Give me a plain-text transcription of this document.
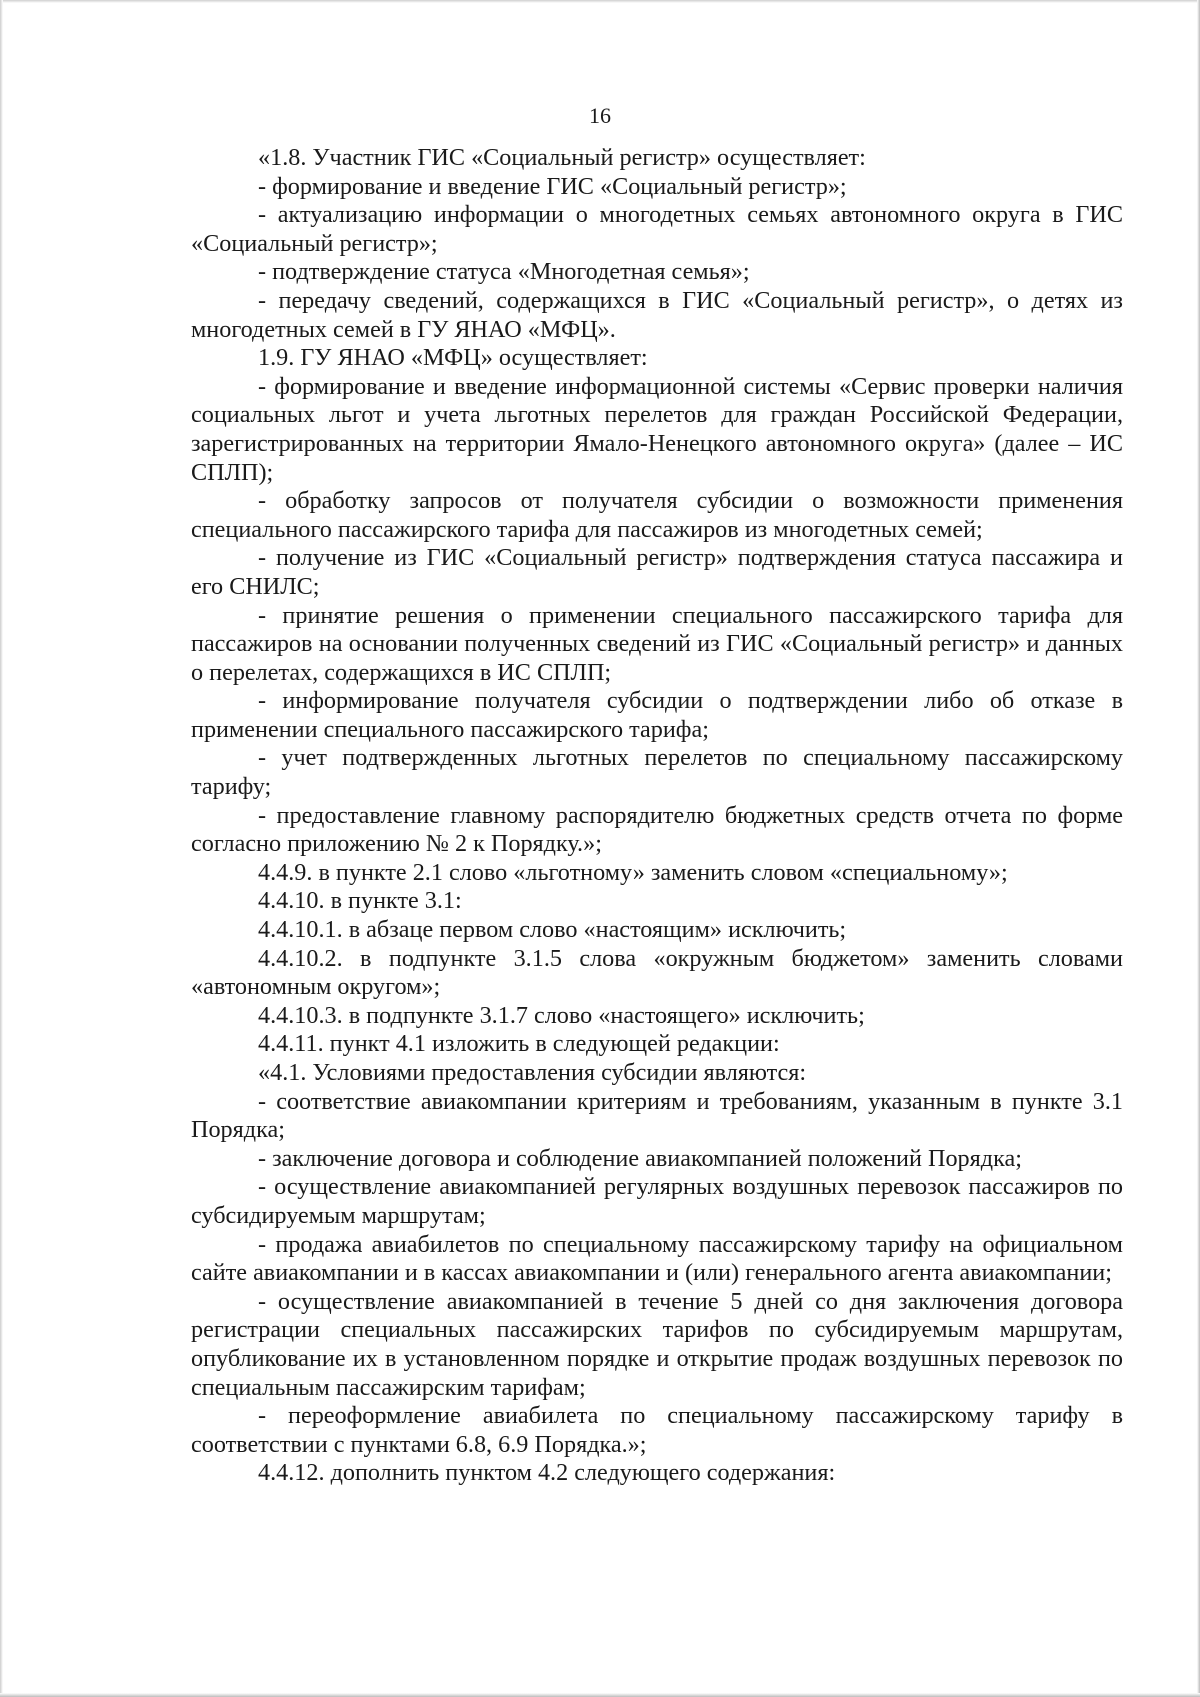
16

«1.8. Участник ГИС «Социальный регистр» осуществляет:

- формирование и введение ГИС «Социальный регистр»;

- актуализацию информации о многодетных семьях автономного округа в ГИС «Социальный регистр»;

- подтверждение статуса «Многодетная семья»;

- передачу сведений, содержащихся в ГИС «Социальный регистр», о детях из многодетных семей в ГУ ЯНАО «МФЦ».

1.9. ГУ ЯНАО «МФЦ» осуществляет:

- формирование и введение информационной системы «Сервис проверки наличия социальных льгот и учета льготных перелетов для граждан Российской Федерации, зарегистрированных на территории Ямало-Ненецкого автономного округа» (далее – ИС СПЛП);

- обработку запросов от получателя субсидии о возможности применения специального пассажирского тарифа для пассажиров из многодетных семей;

- получение из ГИС «Социальный регистр» подтверждения статуса пассажира и его СНИЛС;

- принятие решения о применении специального пассажирского тарифа для пассажиров на основании полученных сведений из ГИС «Социальный регистр» и данных о перелетах, содержащихся в ИС СПЛП;

- информирование получателя субсидии о подтверждении либо об отказе в применении специального пассажирского тарифа;

- учет подтвержденных льготных перелетов по специальному пассажирскому тарифу;

- предоставление главному распорядителю бюджетных средств отчета по форме согласно приложению № 2 к Порядку.»;

4.4.9. в пункте 2.1 слово «льготному» заменить словом «специальному»;

4.4.10. в пункте 3.1:

4.4.10.1. в абзаце первом слово «настоящим» исключить;

4.4.10.2. в подпункте 3.1.5 слова «окружным бюджетом» заменить словами «автономным округом»;

4.4.10.3. в подпункте 3.1.7 слово «настоящего» исключить;

4.4.11. пункт 4.1 изложить в следующей редакции:

«4.1. Условиями предоставления субсидии являются:

- соответствие авиакомпании критериям и требованиям, указанным в пункте 3.1 Порядка;

- заключение договора и соблюдение авиакомпанией положений Порядка;

- осуществление авиакомпанией регулярных воздушных перевозок пассажиров по субсидируемым маршрутам;

- продажа авиабилетов по специальному пассажирскому тарифу на официальном сайте авиакомпании и в кассах авиакомпании и (или) генерального агента авиакомпании;

- осуществление авиакомпанией в течение 5 дней со дня заключения договора регистрации специальных пассажирских тарифов по субсидируемым маршрутам, опубликование их в установленном порядке и открытие продаж воздушных перевозок по специальным пассажирским тарифам;

- переоформление авиабилета по специальному пассажирскому тарифу в соответствии с пунктами 6.8, 6.9 Порядка.»;

4.4.12. дополнить пунктом 4.2 следующего содержания:
